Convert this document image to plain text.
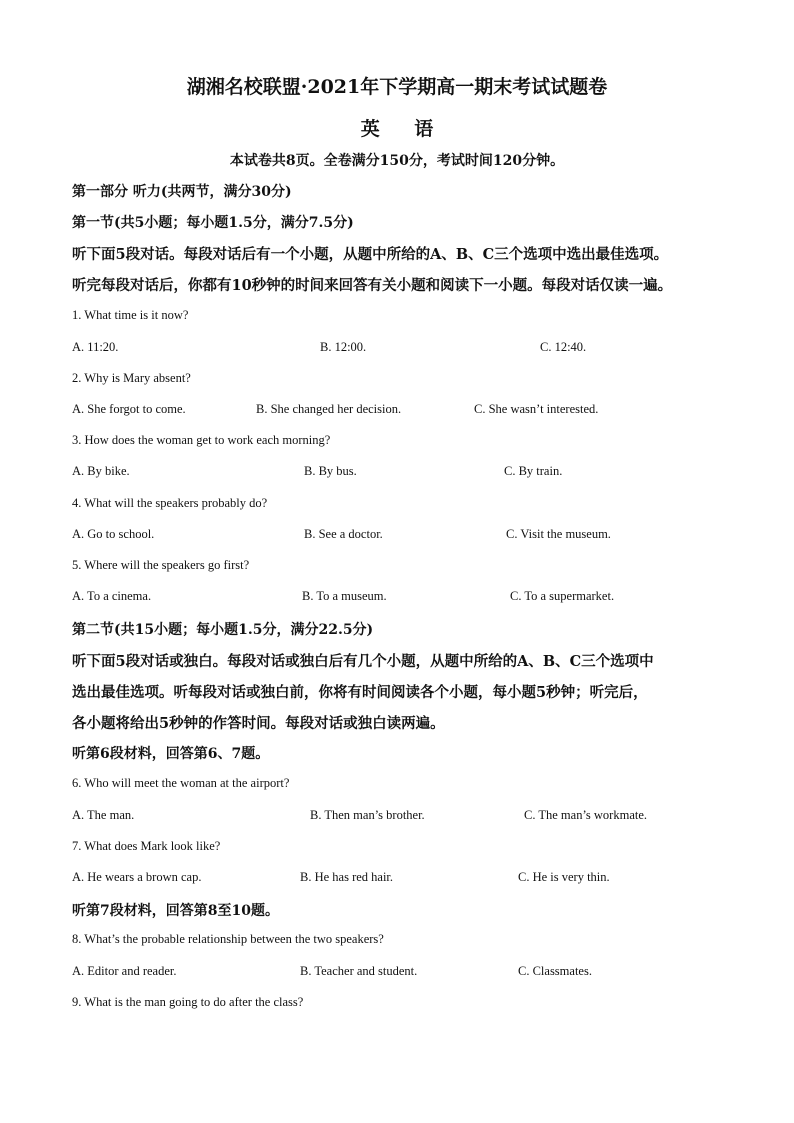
湖湘名校联盟·2021年下学期高一期末考试试题卷
英 语
本试卷共8页。全卷满分150分，考试时间120分钟。
第一部分 听力(共两节，满分30分)
第一节(共5小题；每小题1.5分，满分7.5分)
听下面5段对话。每段对话后有一个小题，从题中所给的A、B、C三个选项中选出最佳选项。
听完每段对话后，你都有10秒钟的时间来回答有关小题和阅读下一小题。每段对话仅读一遍。
1. What time is it now?
A. 11:20.	B. 12:00.	C. 12:40.
2. Why is Mary absent?
A. She forgot to come.	B. She changed her decision.	C. She wasn’t interested.
3. How does the woman get to work each morning?
A. By bike.	B. By bus.	C. By train.
4. What will the speakers probably do?
A. Go to school.	B. See a doctor.	C. Visit the museum.
5. Where will the speakers go first?
A. To a cinema.	B. To a museum.	C. To a supermarket.
第二节(共15小题；每小题1.5分，满分22.5分)
听下面5段对话或独白。每段对话或独白后有几个小题，从题中所给的A、B、C三个选项中
选出最佳选项。听每段对话或独白前，你将有时间阅读各个小题，每小题5秒钟；听完后，
各小题将给出5秒钟的作答时间。每段对话或独白读两遍。
听第6段材料，回答第6、7题。
6. Who will meet the woman at the airport?
A. The man.	B. Then man’s brother.	C. The man’s workmate.
7. What does Mark look like?
A. He wears a brown cap.	B. He has red hair.	C. He is very thin.
听第7段材料，回答第8至10题。
8. What’s the probable relationship between the two speakers?
A. Editor and reader.	B. Teacher and student.	C. Classmates.
9. What is the man going to do after the class?
